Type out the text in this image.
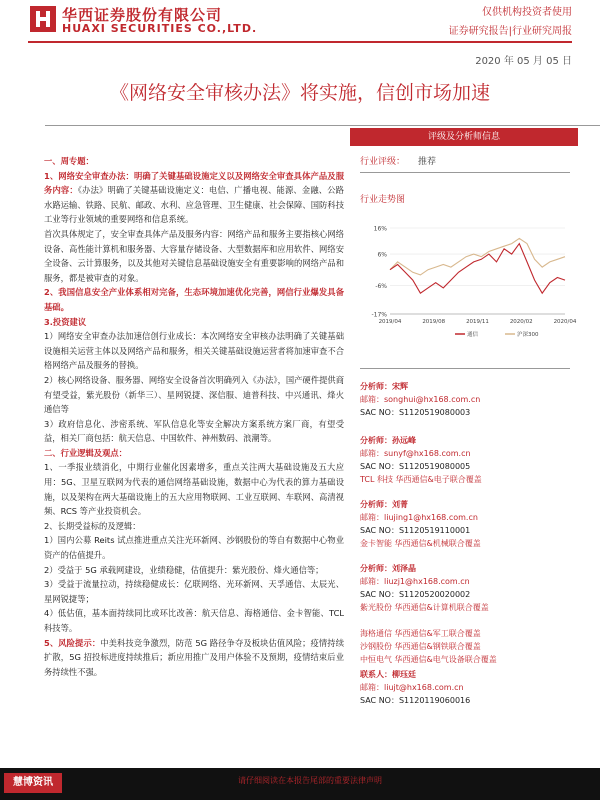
华西证券股份有限公司
HUAXI SECURITIES CO.,LTD.
仅供机构投资者使用
证券研究报告|行业研究周报
2020 年 05 月 05 日
《网络安全审核办法》将实施，信创市场加速

一、周专题：

1、网络安全审查办法：明确了关键基础设施定义以及网络安全审查具体产品及服务内容：《办法》明确了关键基础设施定义：电信、广播电视、能源、金融、公路水路运输、铁路、民航、邮政、水利、应急管理、卫生健康、社会保障、国防科技工业等行业领域的重要网络和信息系统。

首次具体规定了，安全审查具体产品及服务内容：网络产品和服务主要指核心网络设备、高性能计算机和服务器、大容量存储设备、大型数据库和应用软件、网络安全设备、云计算服务，以及其他对关键信息基础设施安全有重要影响的网络产品和服务，都是被审查的对象。

2、我国信息安全产业体系相对完备，生态环境加速优化完善，网信行业爆发具备基础。

3.投资建议

1）网络安全审查办法加速信创行业成长：本次网络安全审核办法明确了关键基础设施相关运营主体以及网络产品和服务，相关关键基础设施运营者将加速审查不合格网络产品及服务的替换。

2）核心网络设备、服务器、网络安全设备首次明确列入《办法》，国产硬件提供商有望受益，紫光股份（新华三）、星网锐捷、深信服、迪普科技、中兴通讯、烽火通信等

3）政府信息化、涉密系统、军队信息化等安全解决方案系统方案厂商，有望受益，相关厂商包括：航天信息、中国软件、神州数码、浪潮等。

二、行业逻辑及观点：

1、一季报业绩消化，中期行业催化因素增多，重点关注两大基础设施及五大应用：5G、卫星互联网为代表的通信网络基础设施，数据中心为代表的算力基础设施，以及架构在两大基础设施上的五大应用物联网、工业互联网、车联网、高清视频、RCS 等产业投资机会。

2、长期受益标的及逻辑：

1）国内公募 Reits 试点推进重点关注光环新网、沙钢股份的等自有数据中心物业资产的估值提升。

2）受益于 5G 承载网建设，业绩稳健，估值提升：紫光股份、烽火通信等；

3）受益于流量拉动，持续稳健成长：亿联网络、光环新网、天孚通信、太辰光、星网锐捷等；

4）低估值，基本面持续同比或环比改善：航天信息、海格通信、金卡智能、TCL 科技等。

5、风险提示：中美科技竞争激烈，防范 5G 路径争夺及板块估值风险；疫情持续扩散，5G 招投标进度持续推后；新应用推广及用户体验不及预期，疫情结束后业务持续性不强。

评级及分析师信息
行业评级： 推荐
行业走势图
16%
6%
-6%
-17%
2019/04	2019/08	2019/11	2020/02	2020/04
通信	沪深300
分析师：宋辉
邮箱：songhui@hx168.com.cn
SAC NO：S1120519080003
分析师：孙远峰
邮箱：sunyf@hx168.com.cn
SAC NO：S1120519080005
TCL 科技 华西通信&电子联合覆盖
分析师：刘菁
邮箱：liujing1@hx168.com.cn
SAC NO：S1120519110001
金卡智能 华西通信&机械联合覆盖
分析师：刘泽晶
邮箱：liuzj1@hx168.com.cn
SAC NO：S1120520020002
紫光股份 华西通信&计算机联合覆盖

海格通信 华西通信&军工联合覆盖
沙钢股份 华西通信&钢铁联合覆盖
中恒电气 华西通信&电气设备联合覆盖
联系人：柳珏廷
邮箱：liujt@hx168.com.cn
SAC NO：S1120119060016
慧博资讯	请仔细阅读在本报告尾部的重要法律声明
